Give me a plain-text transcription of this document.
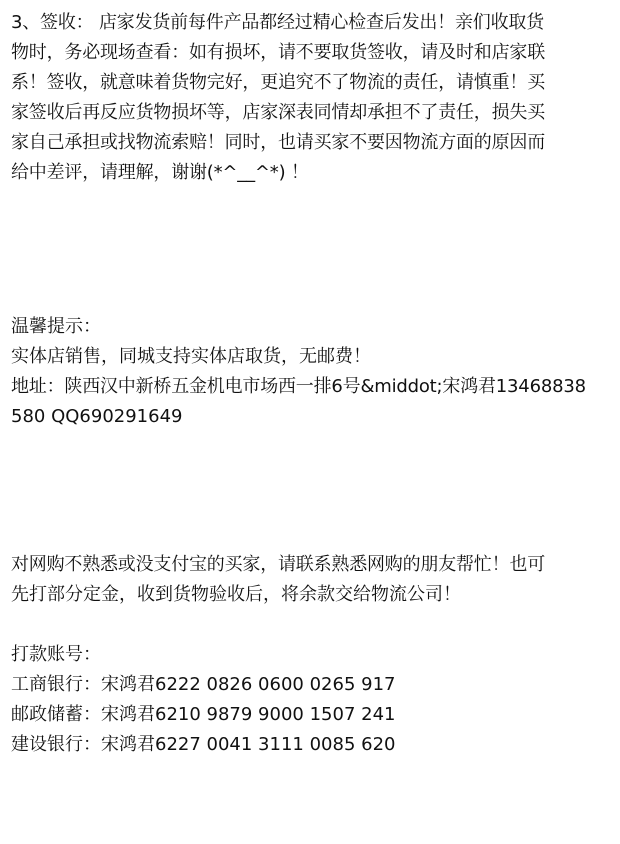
3、签收： 店家发货前每件产品都经过精心检查后发出！亲们收取货
物时，务必现场查看：如有损坏，请不要取货签收，请及时和店家联
系！签收，就意味着货物完好，更追究不了物流的责任，请慎重！买
家签收后再反应货物损坏等，店家深表同情却承担不了责任，损失买
家自己承担或找物流索赔！同时，也请买家不要因物流方面的原因而
给中差评，请理解，谢谢(*^__^*) ！
温馨提示：
实体店销售，同城支持实体店取货，无邮费！
地址：陕西汉中新桥五金机电市场西一排6号&middot;宋鸿君13468838
580 QQ690291649
对网购不熟悉或没支付宝的买家，请联系熟悉网购的朋友帮忙！也可
先打部分定金，收到货物验收后，将余款交给物流公司！
打款账号：
工商银行：宋鸿君6222 0826 0600 0265 917
邮政储蓄：宋鸿君6210 9879 9000 1507 241
建设银行：宋鸿君6227 0041 3111 0085 620
